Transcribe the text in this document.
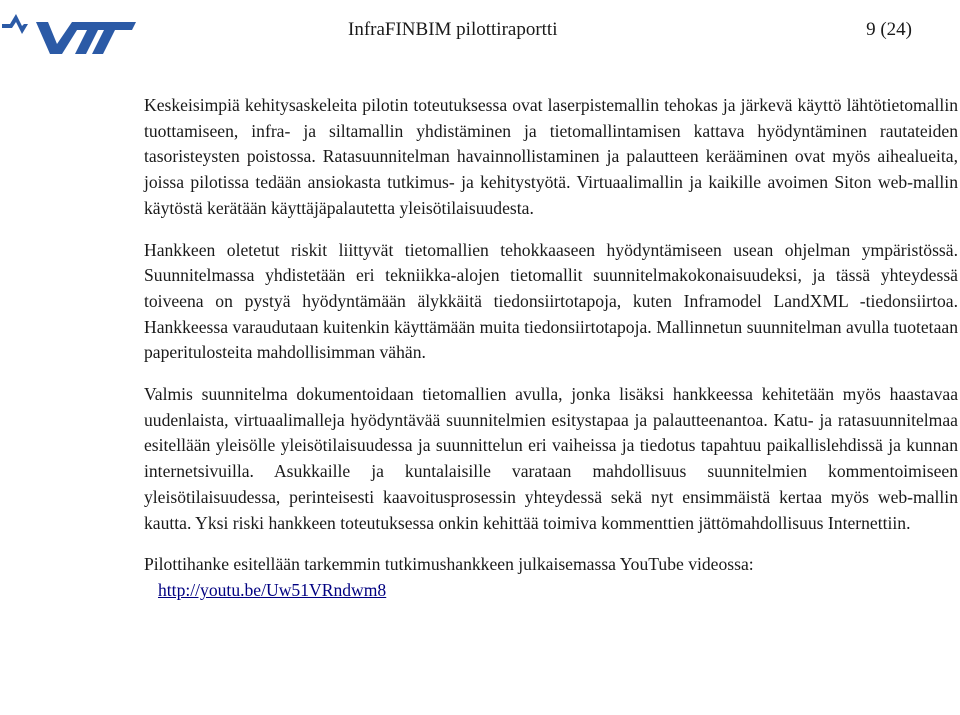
InfraFINBIM pilottiraportti	9 (24)

Keskeisimpiä kehitysaskeleita pilotin toteutuksessa ovat laserpistemallin tehokas ja järkevä käyttö lähtötietomallin tuottamiseen, infra- ja siltamallin yhdistäminen ja tietomallintamisen kattava hyödyntäminen rautateiden tasoristeysten poistossa. Ratasuunnitelman havainnollistaminen ja palautteen kerääminen ovat myös aihealueita, joissa pilotissa tedään ansiokasta tutkimus- ja kehitystyötä. Virtuaalimallin ja kaikille avoimen Siton web-mallin käytöstä kerätään käyttäjäpalautetta yleisötilaisuudesta.

Hankkeen oletetut riskit liittyvät tietomallien tehokkaaseen hyödyntämiseen usean ohjelman ympäristössä. Suunnitelmassa yhdistetään eri tekniikka-alojen tietomallit suunnitelmakokonaisuudeksi, ja tässä yhteydessä toiveena on pystyä hyödyntämään älykkäitä tiedonsiirtotapoja, kuten Inframodel LandXML -tiedonsiirtoa. Hankkeessa varaudutaan kuitenkin käyttämään muita tiedonsiirtotapoja. Mallinnetun suunnitelman avulla tuotetaan paperitulosteita mahdollisimman vähän.

Valmis suunnitelma dokumentoidaan tietomallien avulla, jonka lisäksi hankkeessa kehitetään myös haastavaa uudenlaista, virtuaalimalleja hyödyntävää suunnitelmien esitystapaa ja palautteenantoa. Katu- ja ratasuunnitelmaa esitellään yleisölle yleisötilaisuudessa ja suunnittelun eri vaiheissa ja tiedotus tapahtuu paikallislehdissä ja kunnan internetsivuilla. Asukkaille ja kuntalaisille varataan mahdollisuus suunnitelmien kommentoimiseen yleisötilaisuudessa, perinteisesti kaavoitusprosessin yhteydessä sekä nyt ensimmäistä kertaa myös web-mallin kautta. Yksi riski hankkeen toteutuksessa onkin kehittää toimiva kommenttien jättömahdollisuus Internettiin.

Pilottihanke esitellään tarkemmin tutkimushankkeen julkaisemassa YouTube videossa:
http://youtu.be/Uw51VRndwm8
